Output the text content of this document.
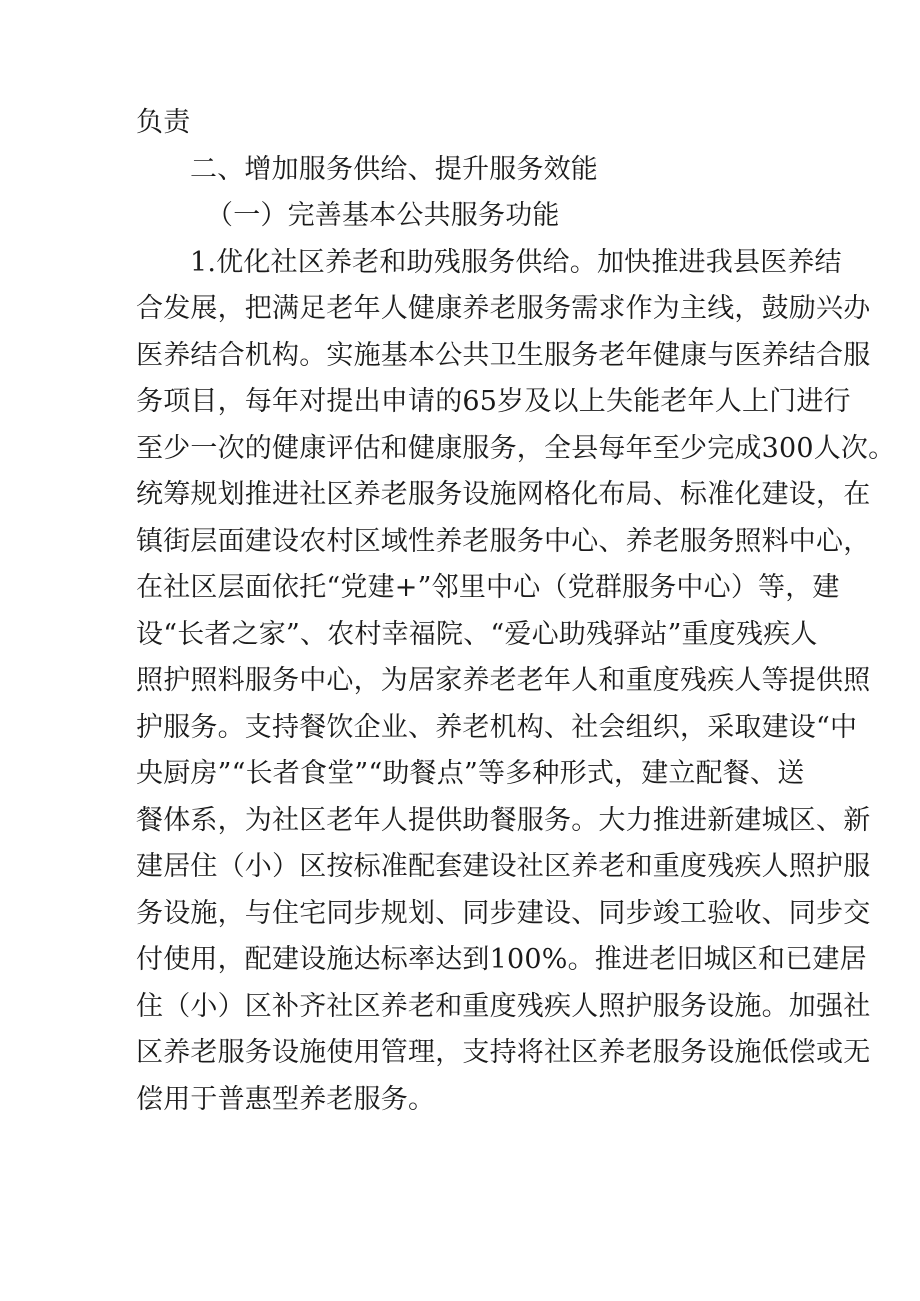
负责
二、增加服务供给、提升服务效能
（一）完善基本公共服务功能
1.优化社区养老和助残服务供给。加快推进我县医养结
合发展，把满足老年人健康养老服务需求作为主线，鼓励兴办
医养结合机构。实施基本公共卫生服务老年健康与医养结合服
务项目，每年对提出申请的65岁及以上失能老年人上门进行
至少一次的健康评估和健康服务，全县每年至少完成300人次。
统筹规划推进社区养老服务设施网格化布局、标准化建设，在
镇街层面建设农村区域性养老服务中心、养老服务照料中心，
在社区层面依托“党建+”邻里中心（党群服务中心）等，建
设“长者之家”、农村幸福院、“爱心助残驿站”重度残疾人
照护照料服务中心，为居家养老老年人和重度残疾人等提供照
护服务。支持餐饮企业、养老机构、社会组织，采取建设“中
央厨房”“长者食堂”“助餐点”等多种形式，建立配餐、送
餐体系，为社区老年人提供助餐服务。大力推进新建城区、新
建居住（小）区按标准配套建设社区养老和重度残疾人照护服
务设施，与住宅同步规划、同步建设、同步竣工验收、同步交
付使用，配建设施达标率达到100%。推进老旧城区和已建居
住（小）区补齐社区养老和重度残疾人照护服务设施。加强社
区养老服务设施使用管理，支持将社区养老服务设施低偿或无
偿用于普惠型养老服务。
